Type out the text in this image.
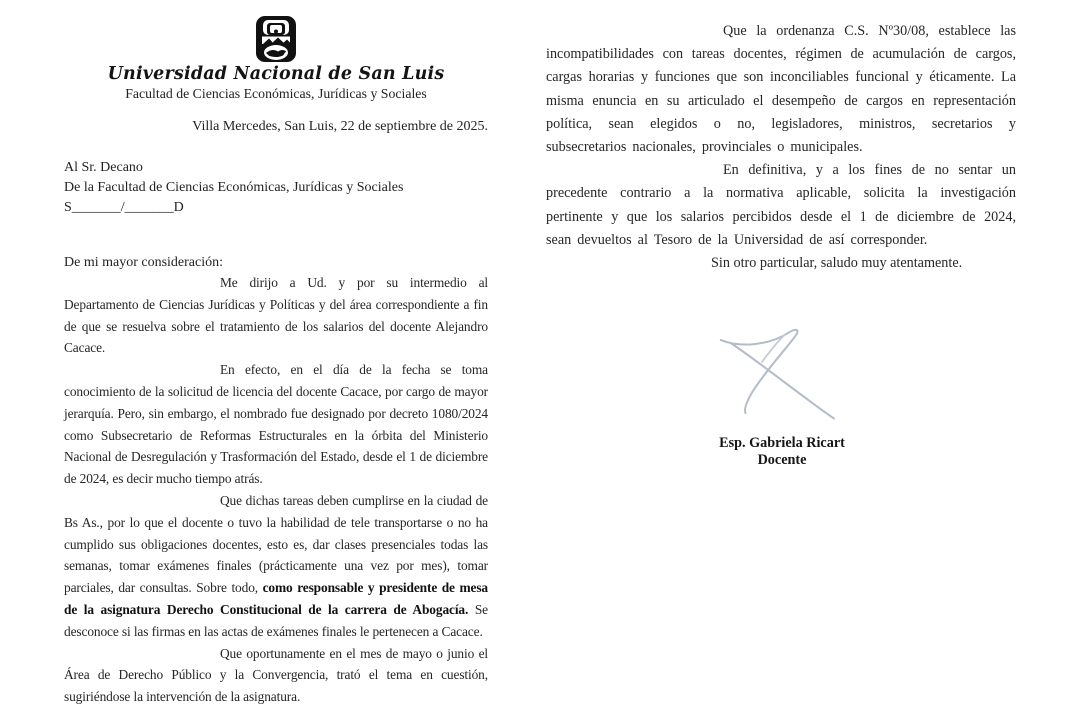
Universidad Nacional de San Luis
Facultad de Ciencias Económicas, Jurídicas y Sociales
Villa Mercedes, San Luis, 22 de septiembre de 2025.
Al Sr. Decano
De la Facultad de Ciencias Económicas, Jurídicas y Sociales
S_______/_______D
De mi mayor consideración:

Me dirijo a Ud. y por su intermedio al Departamento de Ciencias Jurídicas y Políticas y del área correspondiente a fin de que se resuelva sobre el tratamiento de los salarios del docente Alejandro Cacace.

En efecto, en el día de la fecha se toma conocimiento de la solicitud de licencia del docente Cacace, por cargo de mayor jerarquía. Pero, sin embargo, el nombrado fue designado por decreto 1080/2024 como Subsecretario de Reformas Estructurales en la órbita del Ministerio Nacional de Desregulación y Trasformación del Estado, desde el 1 de diciembre de 2024, es decir mucho tiempo atrás.

Que dichas tareas deben cumplirse en la ciudad de Bs As., por lo que el docente o tuvo la habilidad de tele transportarse o no ha cumplido sus obligaciones docentes, esto es, dar clases presenciales todas las semanas, tomar exámenes finales (prácticamente una vez por mes), tomar parciales, dar consultas. Sobre todo, como responsable y presidente de mesa de la asignatura Derecho Constitucional de la carrera de Abogacía. Se desconoce si las firmas en las actas de exámenes finales le pertenecen a Cacace.

Que oportunamente en el mes de mayo o junio el Área de Derecho Público y la Convergencia, trató el tema en cuestión, sugiriéndose la intervención de la asignatura.

Que la ordenanza C.S. Nº30/08, establece las incompatibilidades con tareas docentes, régimen de acumulación de cargos, cargas horarias y funciones que son inconciliables funcional y éticamente. La misma enuncia en su articulado el desempeño de cargos en representación política, sean elegidos o no, legisladores, ministros, secretarios y subsecretarios nacionales, provinciales o municipales.

En definitiva, y a los fines de no sentar un precedente contrario a la normativa aplicable, solicita la investigación pertinente y que los salarios percibidos desde el 1 de diciembre de 2024, sean devueltos al Tesoro de la Universidad de así corresponder.

Sin otro particular, saludo muy atentamente.

Esp. Gabriela Ricart
Docente
